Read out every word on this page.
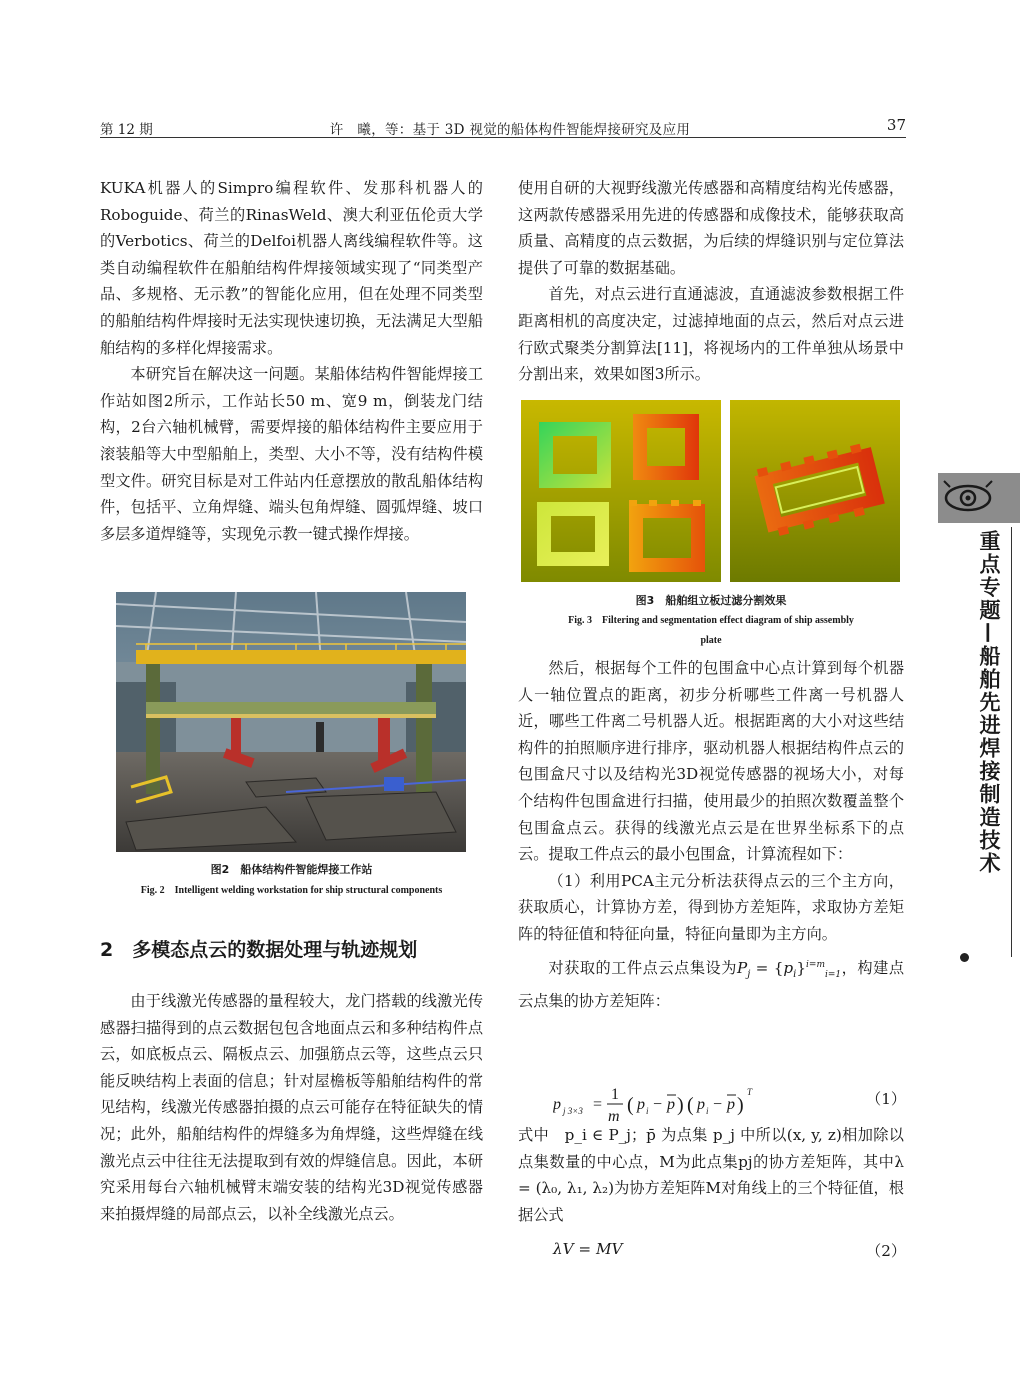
第 12 期	许　曦，等：基于 3D 视觉的船体构件智能焊接研究及应用	37

KUKA机器人的Simpro编程软件、发那科机器人的Roboguide、荷兰的RinasWeld、澳大利亚伍伦贡大学的Verbotics、荷兰的Delfoi机器人离线编程软件等。这类自动编程软件在船舶结构件焊接领域实现了“同类型产品、多规格、无示教”的智能化应用，但在处理不同类型的船舶结构件焊接时无法实现快速切换，无法满足大型船舶结构的多样化焊接需求。

本研究旨在解决这一问题。某船体结构件智能焊接工作站如图2所示，工作站长50 m、宽9 m，倒装龙门结构，2台六轴机械臂，需要焊接的船体结构件主要应用于滚装船等大中型船舶上，类型、大小不等，没有结构件模型文件。研究目标是对工件站内任意摆放的散乱船体结构件，包括平、立角焊缝、端头包角焊缝、圆弧焊缝、坡口多层多道焊缝等，实现免示教一键式操作焊接。

图2　船体结构件智能焊接工作站
Fig. 2　Intelligent welding workstation for ship structural components
2　多模态点云的数据处理与轨迹规划

由于线激光传感器的量程较大，龙门搭载的线激光传感器扫描得到的点云数据包包含地面点云和多种结构件点云，如底板点云、隔板点云、加强筋点云等，这些点云只能反映结构上表面的信息；针对屋檐板等船舶结构件的常见结构，线激光传感器拍摄的点云可能存在特征缺失的情况；此外，船舶结构件的焊缝多为角焊缝，这些焊缝在线激光点云中往往无法提取到有效的焊缝信息。因此，本研究采用每台六轴机械臂末端安装的结构光3D视觉传感器来拍摄焊缝的局部点云，以补全线激光点云。

使用自研的大视野线激光传感器和高精度结构光传感器，这两款传感器采用先进的传感器和成像技术，能够获取高质量、高精度的点云数据，为后续的焊缝识别与定位算法提供了可靠的数据基础。

首先，对点云进行直通滤波，直通滤波参数根据工件距离相机的高度决定，过滤掉地面的点云，然后对点云进行欧式聚类分割算法[11]，将视场内的工件单独从场景中分割出来，效果如图3所示。

图3　船舶组立板过滤分割效果
Fig. 3　Filtering and segmentation effect diagram of ship assembly
plate

然后，根据每个工件的包围盒中心点计算到每个机器人一轴位置点的距离，初步分析哪些工件离一号机器人近，哪些工件离二号机器人近。根据距离的大小对这些结构件的拍照顺序进行排序，驱动机器人根据结构件点云的包围盒尺寸以及结构光3D视觉传感器的视场大小，对每个结构件包围盒进行扫描，使用最少的拍照次数覆盖整个包围盒点云。获得的线激光点云是在世界坐标系下的点云。提取工件点云的最小包围盒，计算流程如下：

（1）利用PCA主元分析法获得点云的三个主方向，获取质心，计算协方差，得到协方差矩阵，求取协方差矩阵的特征值和特征向量，特征向量即为主方向。

对获取的工件点云点集设为$P_j = \{p_i\}^{i=m}_{i=1}$，构建点云点集的协方差矩阵：

p j 3×3 =
1
m
( p i − p ) ( p i − p )
T	（1）

式中　p_i ∈ P_j；p̄ 为点集 p_j 中所以(x, y, z)相加除以点集数量的中心点，M为此点集pj的协方差矩阵，其中λ = (λ₀, λ₁, λ₂)为协方差矩阵M对角线上的三个特征值，根据公式

λV = MV	（2）
重点专题—船舶先进焊接制造技术
